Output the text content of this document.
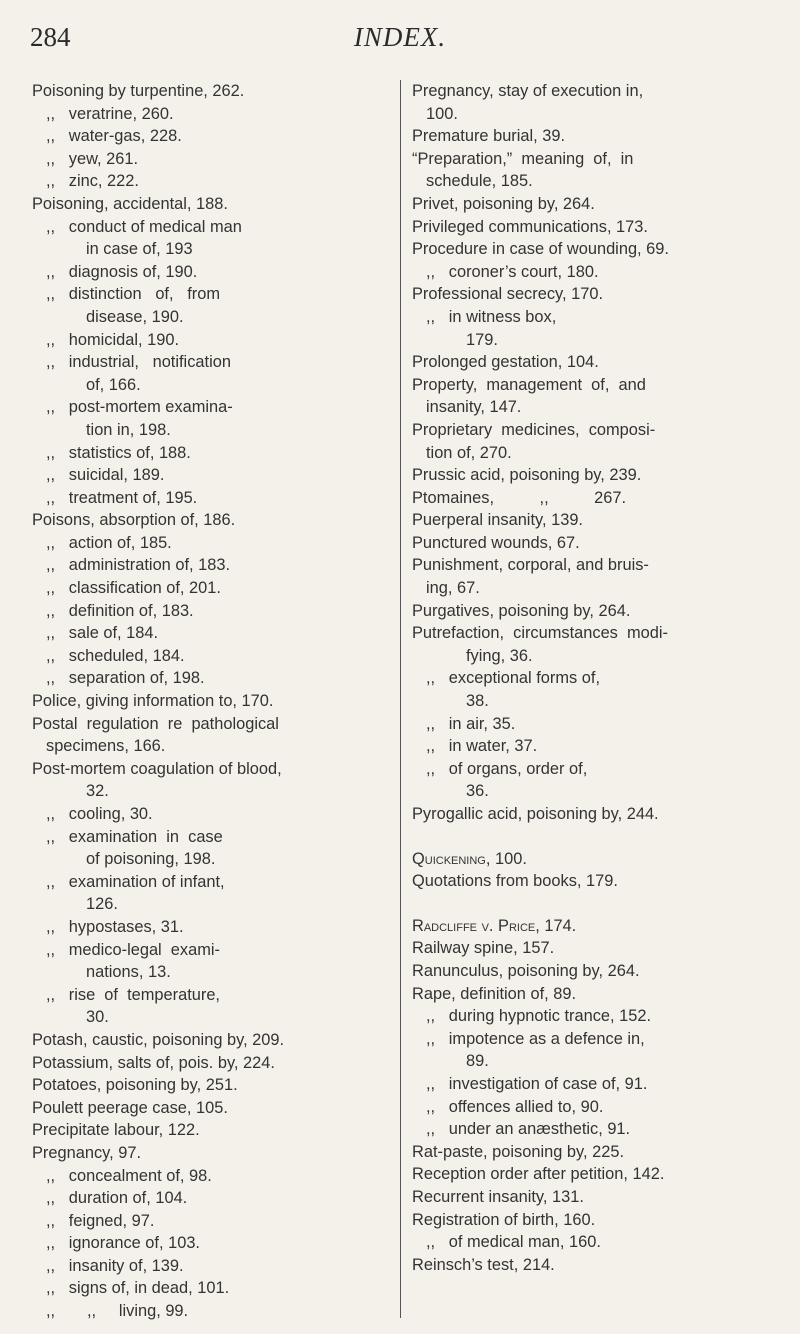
284	INDEX.
Poisoning by turpentine, 262.
,,   veratrine, 260.
,,   water-gas, 228.
,,   yew, 261.
,,   zinc, 222.
Poisoning, accidental, 188.
,,   conduct of medical man
in case of, 193
,,   diagnosis of, 190.
,,   distinction   of,   from
disease, 190.
,,   homicidal, 190.
,,   industrial,   notification
of, 166.
,,   post-mortem examina-
tion in, 198.
,,   statistics of, 188.
,,   suicidal, 189.
,,   treatment of, 195.
Poisons, absorption of, 186.
,,   action of, 185.
,,   administration of, 183.
,,   classification of, 201.
,,   definition of, 183.
,,   sale of, 184.
,,   scheduled, 184.
,,   separation of, 198.
Police, giving information to, 170.
Postal  regulation  re  pathological
specimens, 166.
Post-mortem coagulation of blood,
32.
,,   cooling, 30.
,,   examination  in  case
of poisoning, 198.
,,   examination of infant,
126.
,,   hypostases, 31.
,,   medico-legal  exami-
nations, 13.
,,   rise  of  temperature,
30.
Potash, caustic, poisoning by, 209.
Potassium, salts of, pois. by, 224.
Potatoes, poisoning by, 251.
Poulett peerage case, 105.
Precipitate labour, 122.
Pregnancy, 97.
,,   concealment of, 98.
,,   duration of, 104.
,,   feigned, 97.
,,   ignorance of, 103.
,,   insanity of, 139.
,,   signs of, in dead, 101.
,,       ,,     living, 99.
Pregnancy, stay of execution in,
100.
Premature burial, 39.
“Preparation,”  meaning  of,  in
schedule, 185.
Privet, poisoning by, 264.
Privileged communications, 173.
Procedure in case of wounding, 69.
,,   coroner’s court, 180.
Professional secrecy, 170.
,,   in witness box,
179.
Prolonged gestation, 104.
Property,  management  of,  and
insanity, 147.
Proprietary  medicines,  composi-
tion of, 270.
Prussic acid, poisoning by, 239.
Ptomaines,          ,,          267.
Puerperal insanity, 139.
Punctured wounds, 67.
Punishment, corporal, and bruis-
ing, 67.
Purgatives, poisoning by, 264.
Putrefaction,  circumstances  modi-
fying, 36.
,,   exceptional forms of,
38.
,,   in air, 35.
,,   in water, 37.
,,   of organs, order of,
36.
Pyrogallic acid, poisoning by, 244.
Quickening, 100.
Quotations from books, 179.
Radcliffe v. Price, 174.
Railway spine, 157.
Ranunculus, poisoning by, 264.
Rape, definition of, 89.
,,   during hypnotic trance, 152.
,,   impotence as a defence in,
89.
,,   investigation of case of, 91.
,,   offences allied to, 90.
,,   under an anæsthetic, 91.
Rat-paste, poisoning by, 225.
Reception order after petition, 142.
Recurrent insanity, 131.
Registration of birth, 160.
,,   of medical man, 160.
Reinsch’s test, 214.
